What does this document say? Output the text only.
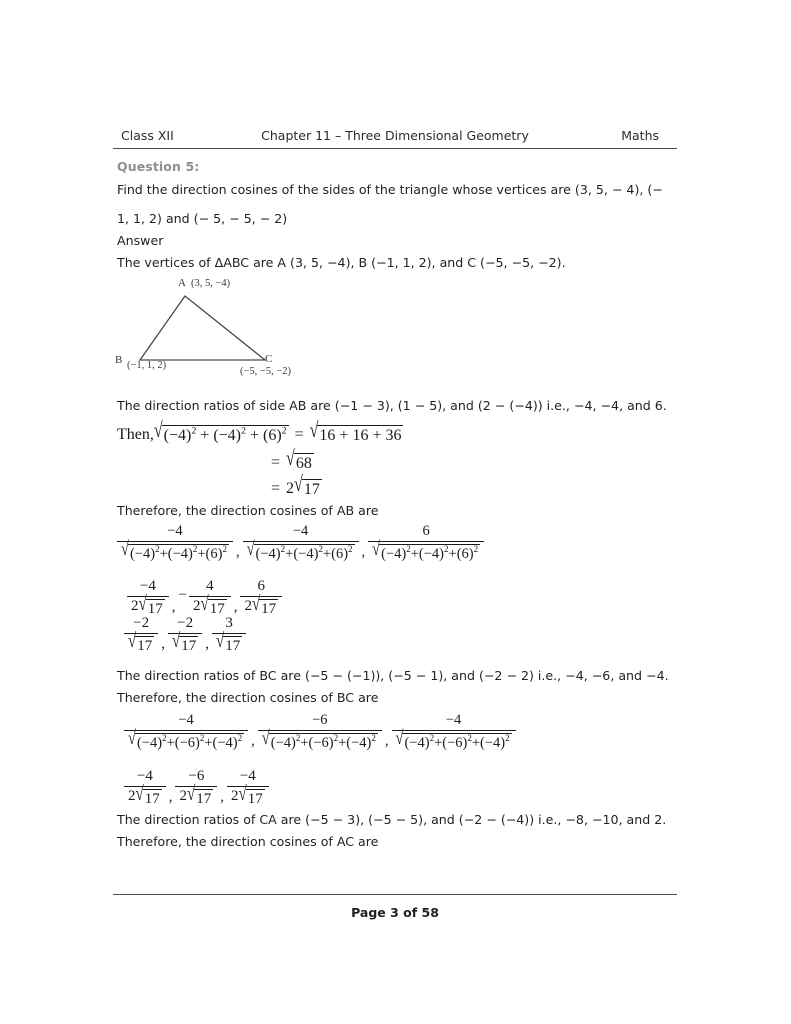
Class XII	Chapter 11 – Three Dimensional Geometry	Maths
Question 5:
Find the direction cosines of the sides of the triangle whose vertices are (3, 5, − 4), (−
1, 1, 2) and (− 5, − 5, − 2)
Answer
The vertices of ΔABC are A (3, 5, −4), B (−1, 1, 2), and C (−5, −5, −2).
A (3, 5, −4)
B (−1, 1, 2)
C
(−5, −5, −2)
The direction ratios of side AB are (−1 − 3), (1 − 5), and (2 − (−4)) i.e., −4, −4, and 6.
Then, √ $(-4)^2 + (-4)^2 + (6)^2$ = √ 16 + 16 + 36
= √ 68
= 2 √ 17
Therefore, the direction cosines of AB are
$\frac{-4}{√ (-4)^2+(-4)^2+(6)^2}$ , $\frac{-4}{√ (-4)^2+(-4)^2+(6)^2}$ , $\frac{6}{√ (-4)^2+(-4)^2+(6)^2}$
$\frac{-4}{2 √ 17}$ ,
− $\frac{4}{2 √ 17}$ , $\frac{6}{2 √ 17}$
$\frac{-2}{√ 17}$ , $\frac{-2}{√ 17}$ , $\frac{3}{√ 17}$
The direction ratios of BC are (−5 − (−1)), (−5 − 1), and (−2 − 2) i.e., −4, −6, and −4.
Therefore, the direction cosines of BC are
$\frac{-4}{√ (-4)^2+(-6)^2+(-4)^2}$ , $\frac{-6}{√ (-4)^2+(-6)^2+(-4)^2}$ , $\frac{-4}{√ (-4)^2+(-6)^2+(-4)^2}$
$\frac{-4}{2 √ 17}$ , $\frac{-6}{2 √ 17}$ , $\frac{-4}{2 √ 17}$
The direction ratios of CA are (−5 − 3), (−5 − 5), and (−2 − (−4)) i.e., −8, −10, and 2.
Therefore, the direction cosines of AC are
Page 3 of 58
